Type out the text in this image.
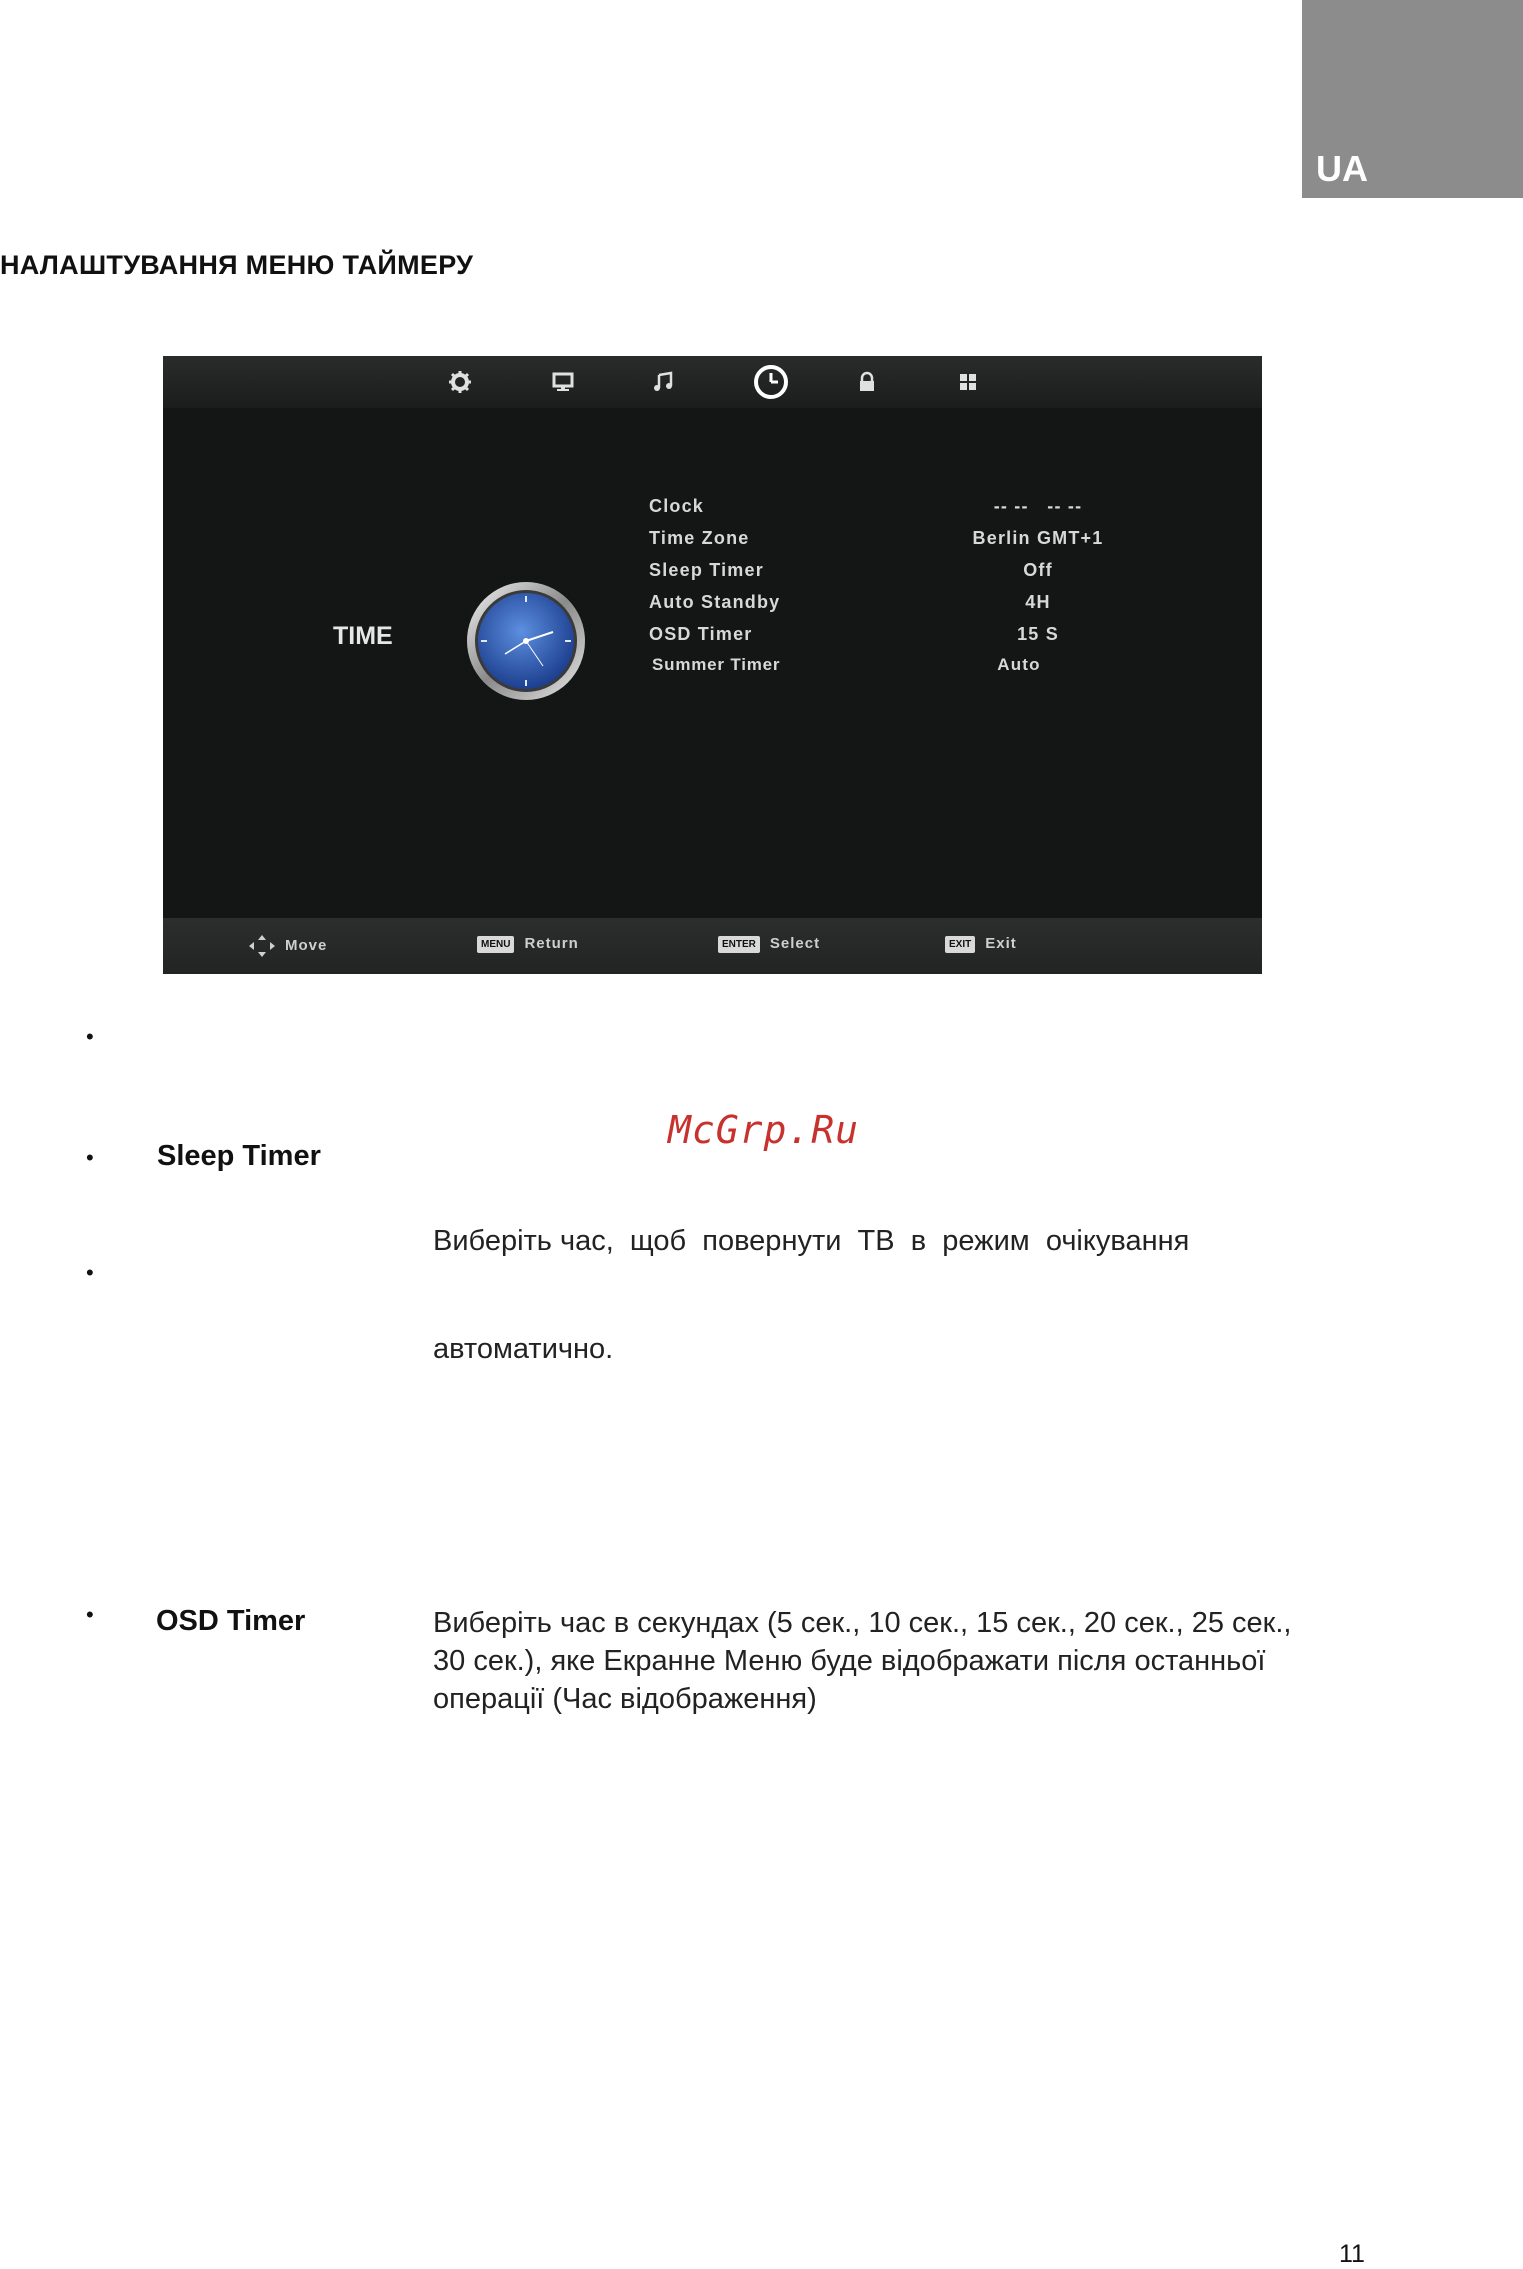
UA
НАЛАШТУВАННЯ МЕНЮ ТАЙМЕРУ
TIME
Clock	-- --   -- --
Time Zone	Berlin GMT+1
Sleep Timer	Off
Auto Standby	4H
OSD Timer	15 S
Summer Timer	Auto
Move	MENU Return	ENTER Select	EXIT Exit
•
McGrp.Ru
• Sleep Timer

Виберіть час,  щоб  повернути  ТВ  в  режим  очікування

автоматично.

•
• OSD Timer	Виберіть час в секундах (5 сек., 10 сек., 15 сек., 20 сек., 25 сек.,
30 сек.), яке Екранне Меню буде відображати після останньої
операції (Час відображення)
11
